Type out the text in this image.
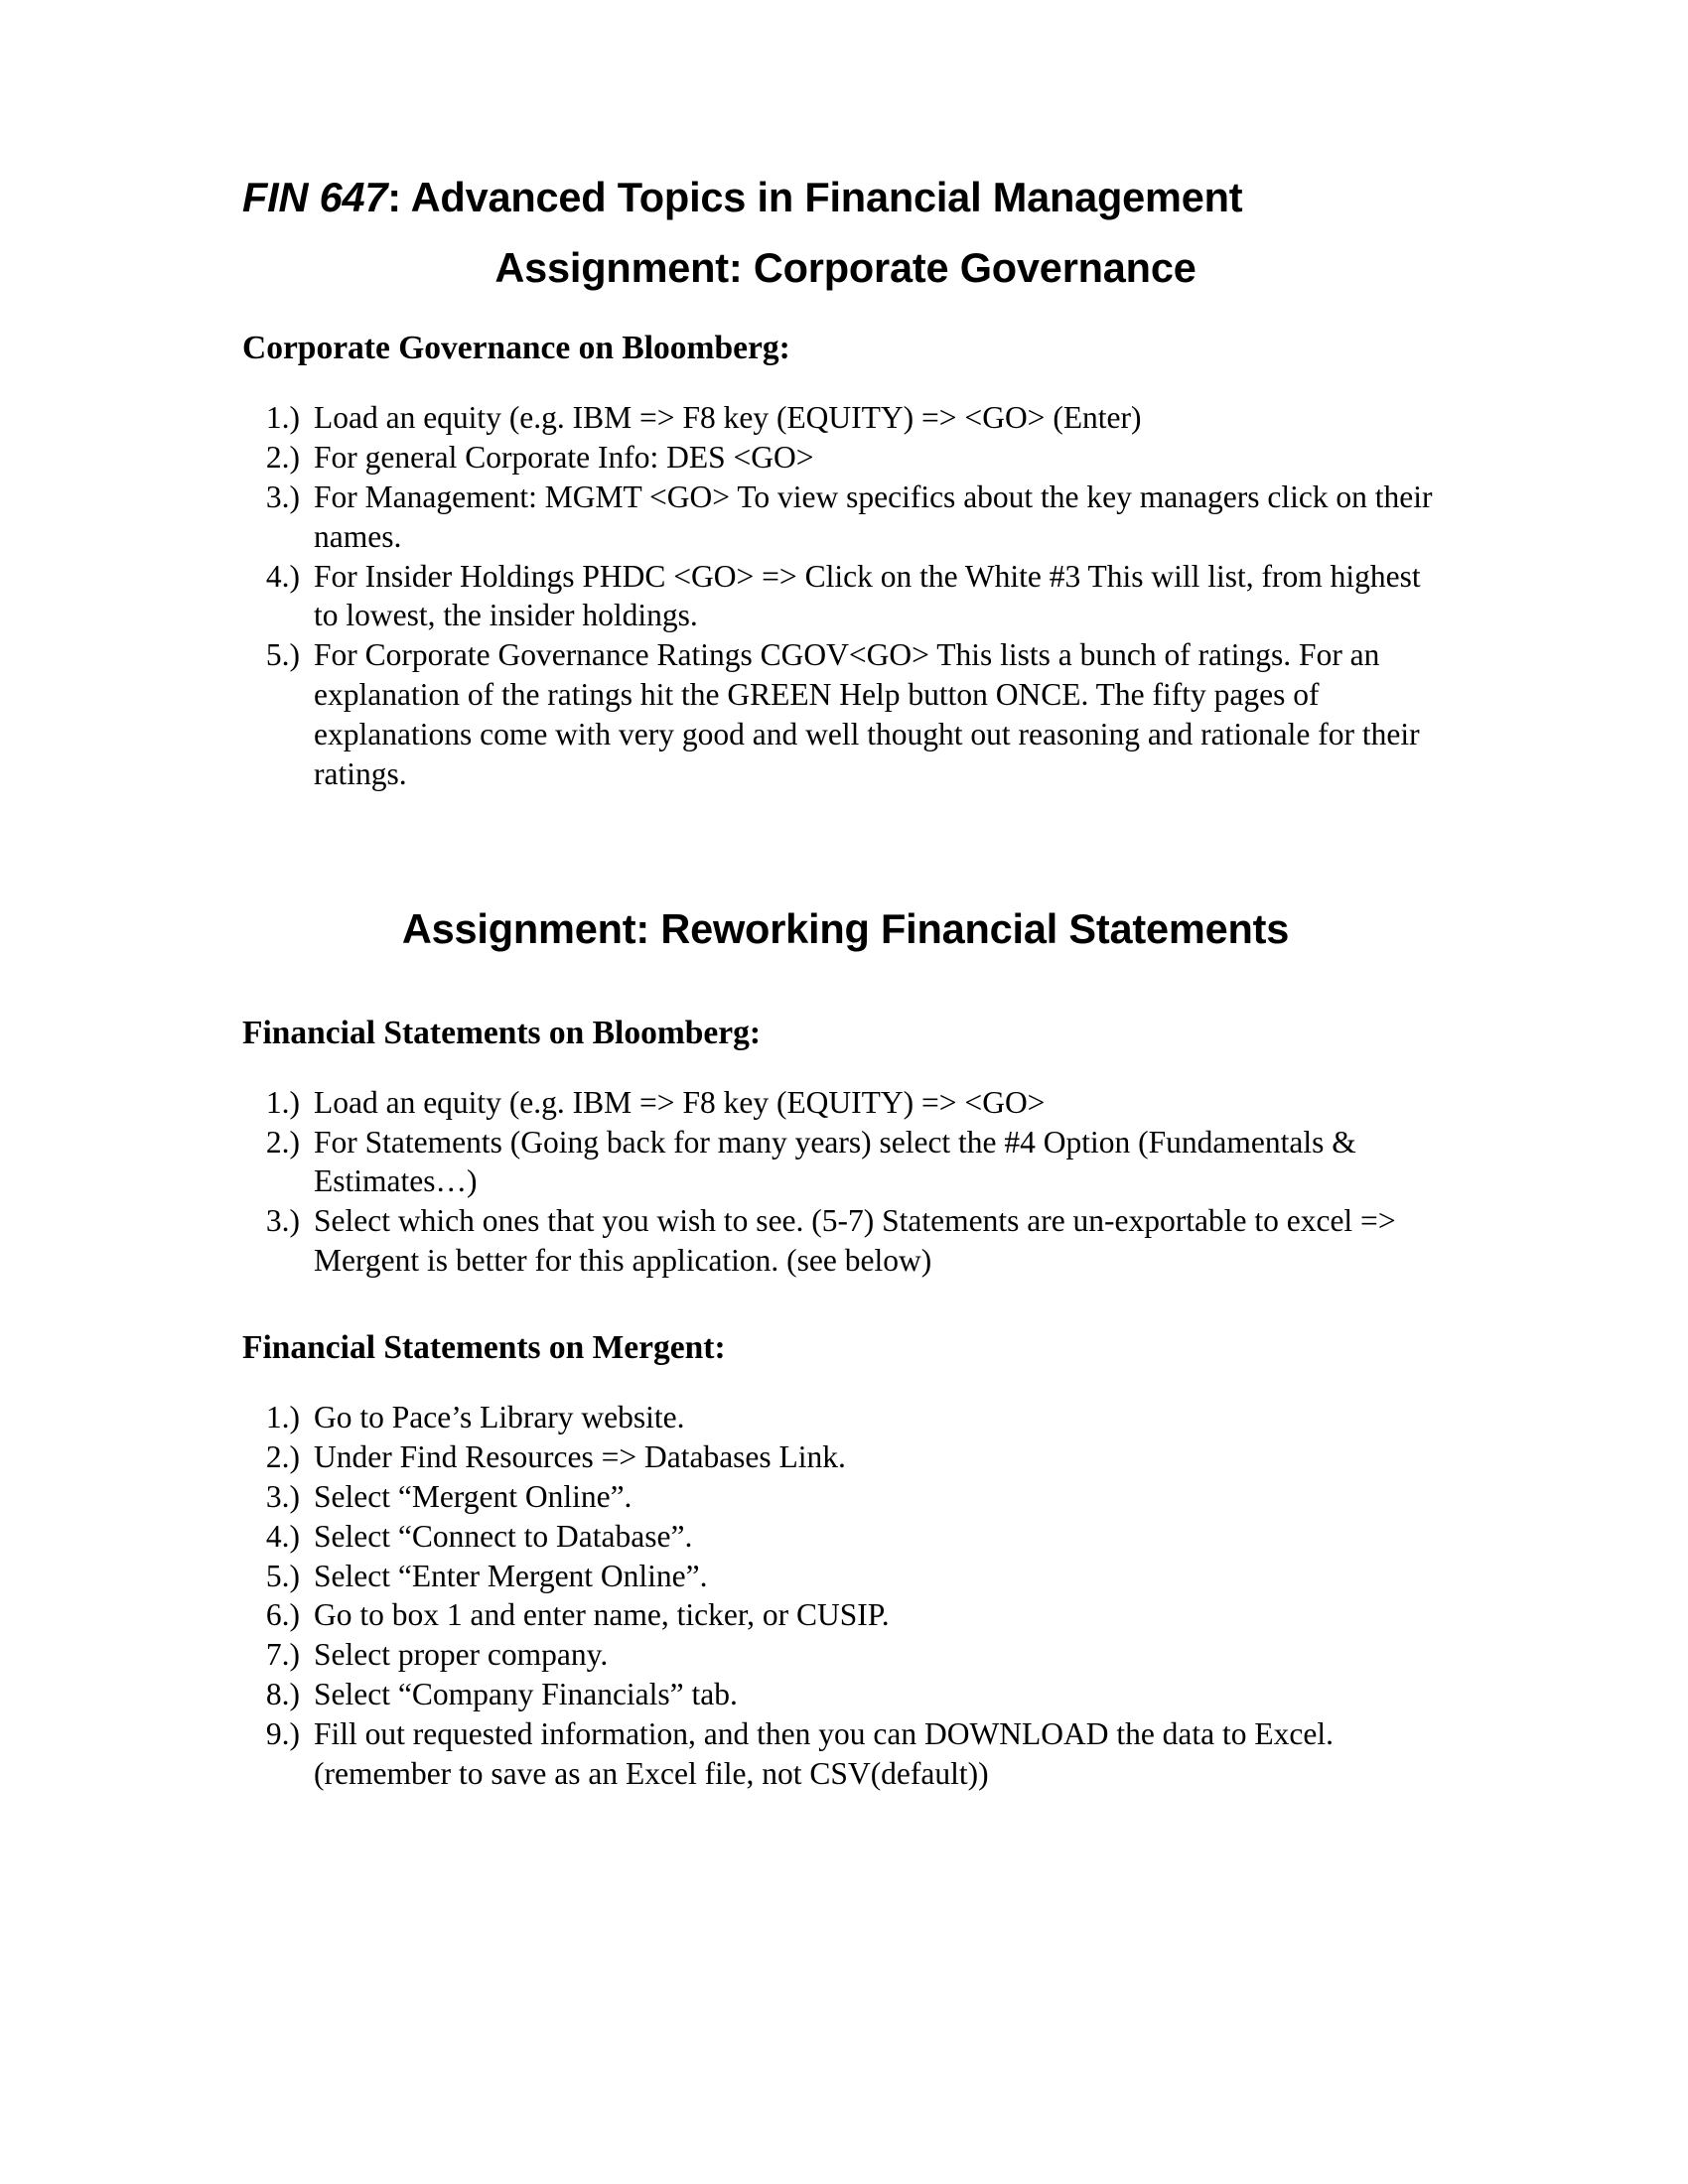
FIN 647: Advanced Topics in Financial Management
Assignment: Corporate Governance
Corporate Governance on Bloomberg:
1.) Load an equity (e.g. IBM => F8 key (EQUITY) => <GO> (Enter)
2.) For general Corporate Info: DES <GO>
3.) For Management: MGMT <GO> To view specifics about the key managers click on their names.
4.) For Insider Holdings PHDC <GO> => Click on the White #3 This will list, from highest to lowest, the insider holdings.
5.) For Corporate Governance Ratings CGOV<GO> This lists a bunch of ratings. For an explanation of the ratings hit the GREEN Help button ONCE. The fifty pages of explanations come with very good and well thought out reasoning and rationale for their ratings.
Assignment: Reworking Financial Statements
Financial Statements on Bloomberg:
1.) Load an equity (e.g. IBM => F8 key (EQUITY) => <GO>
2.) For Statements (Going back for many years) select the #4 Option (Fundamentals & Estimates…)
3.) Select which ones that you wish to see. (5-7) Statements are un-exportable to excel => Mergent is better for this application. (see below)
Financial Statements on Mergent:
1.) Go to Pace’s Library website.
2.) Under Find Resources => Databases Link.
3.) Select “Mergent Online”.
4.) Select “Connect to Database”.
5.) Select “Enter Mergent Online”.
6.) Go to box 1 and enter name, ticker, or CUSIP.
7.) Select proper company.
8.) Select “Company Financials” tab.
9.) Fill out requested information, and then you can DOWNLOAD the data to Excel. (remember to save as an Excel file, not CSV(default))
